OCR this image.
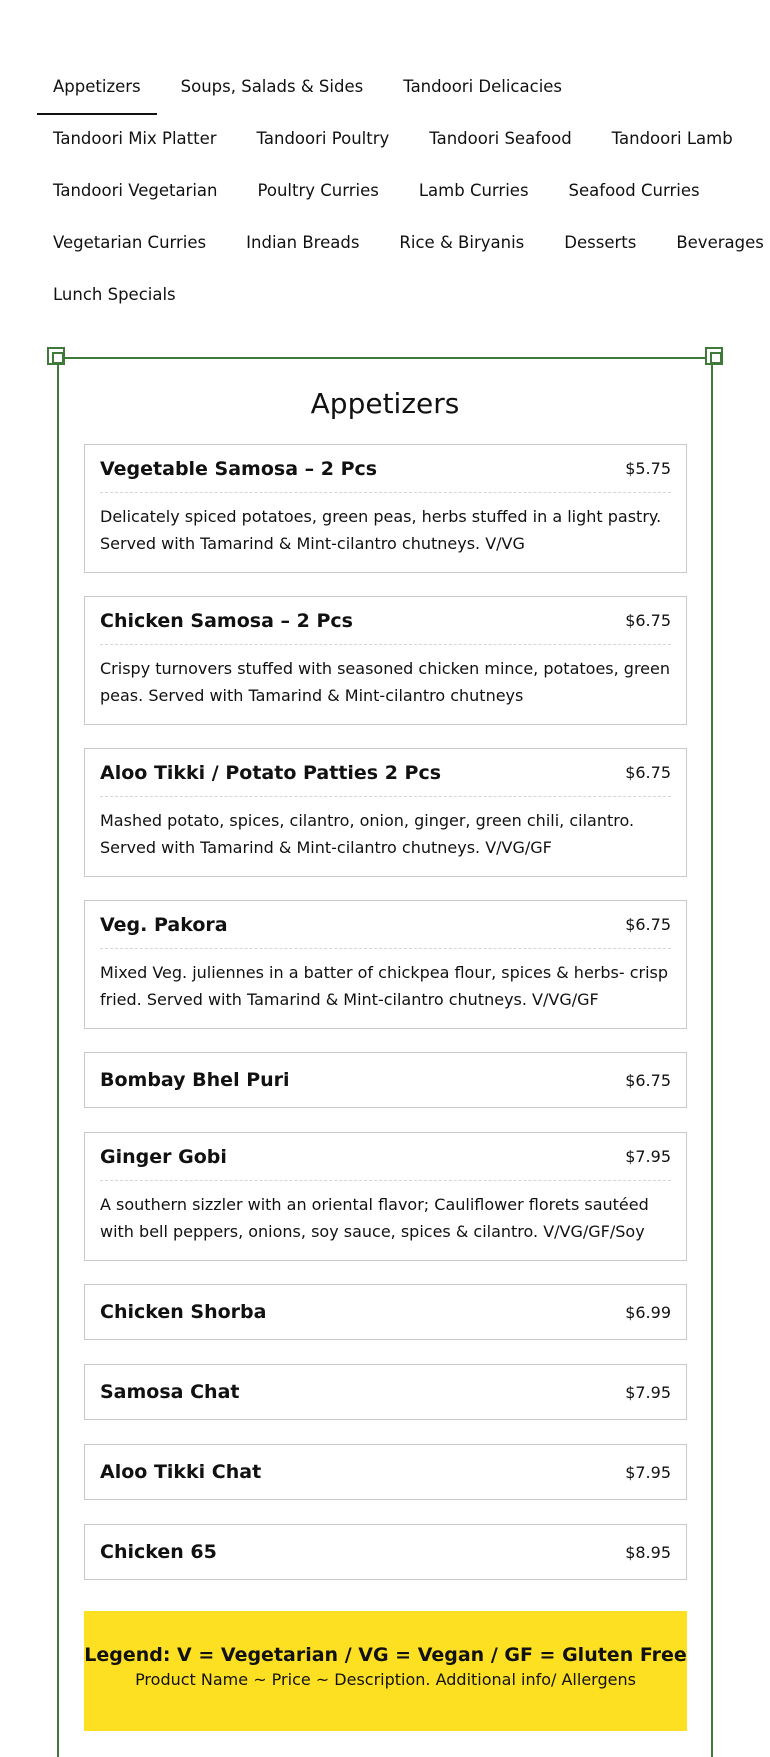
Appetizers	Soups, Salads & Sides	Tandoori Delicacies
Tandoori Mix Platter	Tandoori Poultry	Tandoori Seafood	Tandoori Lamb
Tandoori Vegetarian	Poultry Curries	Lamb Curries	Seafood Curries
Vegetarian Curries	Indian Breads	Rice & Biryanis	Desserts	Beverages
Lunch Specials
Appetizers
Vegetable Samosa – 2 Pcs	$5.75
Delicately spiced potatoes, green peas, herbs stuffed in a light pastry. Served with Tamarind & Mint-cilantro chutneys. V/VG
Chicken Samosa – 2 Pcs	$6.75
Crispy turnovers stuffed with seasoned chicken mince, potatoes, green peas. Served with Tamarind & Mint-cilantro chutneys
Aloo Tikki / Potato Patties 2 Pcs	$6.75
Mashed potato, spices, cilantro, onion, ginger, green chili, cilantro. Served with Tamarind & Mint-cilantro chutneys. V/VG/GF
Veg. Pakora	$6.75
Mixed Veg. juliennes in a batter of chickpea flour, spices & herbs- crisp fried. Served with Tamarind & Mint-cilantro chutneys. V/VG/GF
Bombay Bhel Puri	$6.75
Ginger Gobi	$7.95
A southern sizzler with an oriental flavor; Cauliflower florets sautéed with bell peppers, onions, soy sauce, spices & cilantro. V/VG/GF/Soy
Chicken Shorba	$6.99
Samosa Chat	$7.95
Aloo Tikki Chat	$7.95
Chicken 65	$8.95
Legend: V = Vegetarian / VG = Vegan / GF = Gluten Free
Product Name ~ Price ~ Description. Additional info/ Allergens
